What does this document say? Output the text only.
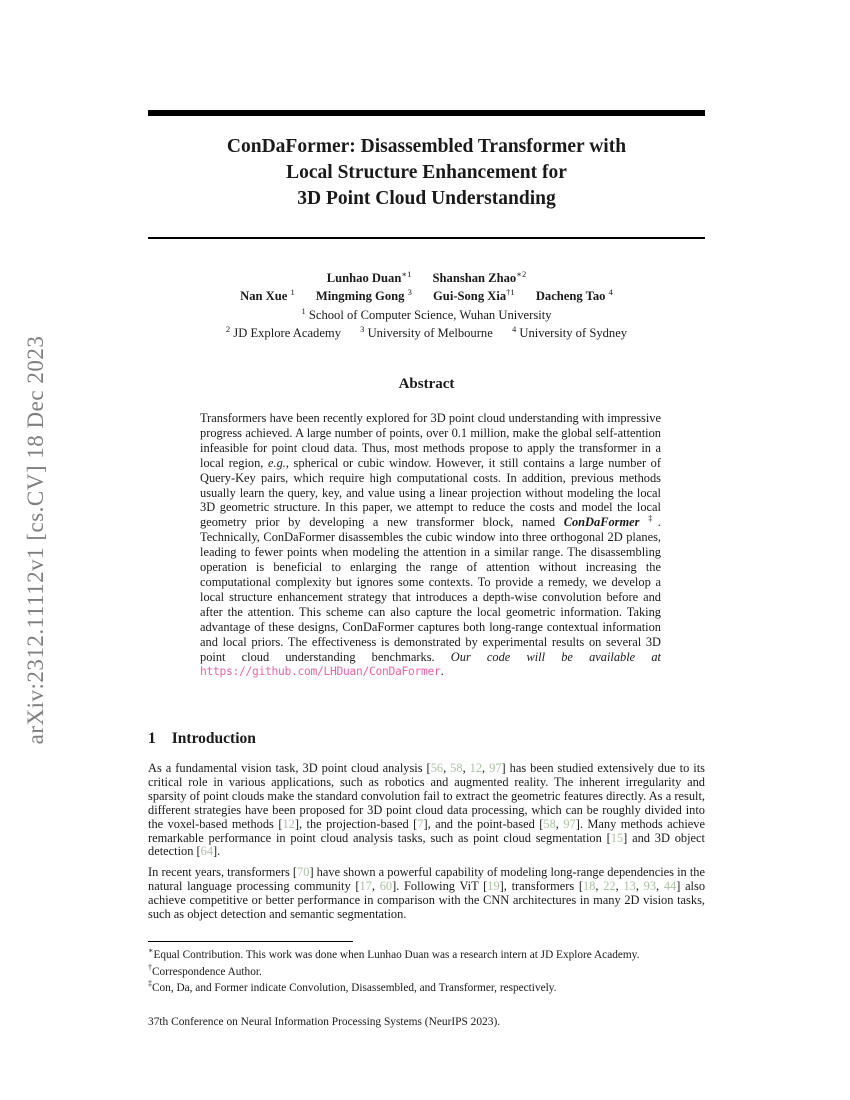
arXiv:2312.11112v1 [cs.CV] 18 Dec 2023
ConDaFormer: Disassembled Transformer with
Local Structure Enhancement for
3D Point Cloud Understanding
Lunhao Duan$^{∗1}$ Shanshan Zhao$^{∗2}$
Nan Xue $^1$ Mingming Gong $^3$ Gui-Song Xia$^{\dagger 1}$ Dacheng Tao $^4$
$^1$ School of Computer Science, Wuhan University
$^2$ JD Explore Academy $^3$ University of Melbourne $^4$ University of Sydney
Abstract
Transformers have been recently explored for 3D point cloud understanding with impressive progress achieved. A large number of points, over 0.1 million, make the global self-attention infeasible for point cloud data. Thus, most methods propose to apply the transformer in a local region, e.g., spherical or cubic window. However, it still contains a large number of Query-Key pairs, which require high computational costs. In addition, previous methods usually learn the query, key, and value using a linear projection without modeling the local 3D geometric structure. In this paper, we attempt to reduce the costs and model the local geometry prior by developing a new transformer block, named ConDaFormer ‡. Technically, ConDaFormer disassembles the cubic window into three orthogonal 2D planes, leading to fewer points when modeling the attention in a similar range. The disassembling operation is beneficial to enlarging the range of attention without increasing the computational complexity but ignores some contexts. To provide a remedy, we develop a local structure enhancement strategy that introduces a depth-wise convolution before and after the attention. This scheme can also capture the local geometric information. Taking advantage of these designs, ConDaFormer captures both long-range contextual information and local priors. The effectiveness is demonstrated by experimental results on several 3D point cloud understanding benchmarks. Our code will be available at https://github.com/LHDuan/ConDaFormer.
1 Introduction

As a fundamental vision task, 3D point cloud analysis [56, 58, 12, 97] has been studied extensively due to its critical role in various applications, such as robotics and augmented reality. The inherent irregularity and sparsity of point clouds make the standard convolution fail to extract the geometric features directly. As a result, different strategies have been proposed for 3D point cloud data processing, which can be roughly divided into the voxel-based methods [12], the projection-based [7], and the point-based [58, 97]. Many methods achieve remarkable performance in point cloud analysis tasks, such as point cloud segmentation [15] and 3D object detection [64].

In recent years, transformers [70] have shown a powerful capability of modeling long-range dependencies in the natural language processing community [17, 60]. Following ViT [19], transformers [18, 22, 13, 93, 44] also achieve competitive or better performance in comparison with the CNN architectures in many 2D vision tasks, such as object detection and semantic segmentation.

∗Equal Contribution. This work was done when Lunhao Duan was a research intern at JD Explore Academy.
†Correspondence Author.
‡Con, Da, and Former indicate Convolution, Disassembled, and Transformer, respectively.
37th Conference on Neural Information Processing Systems (NeurIPS 2023).
